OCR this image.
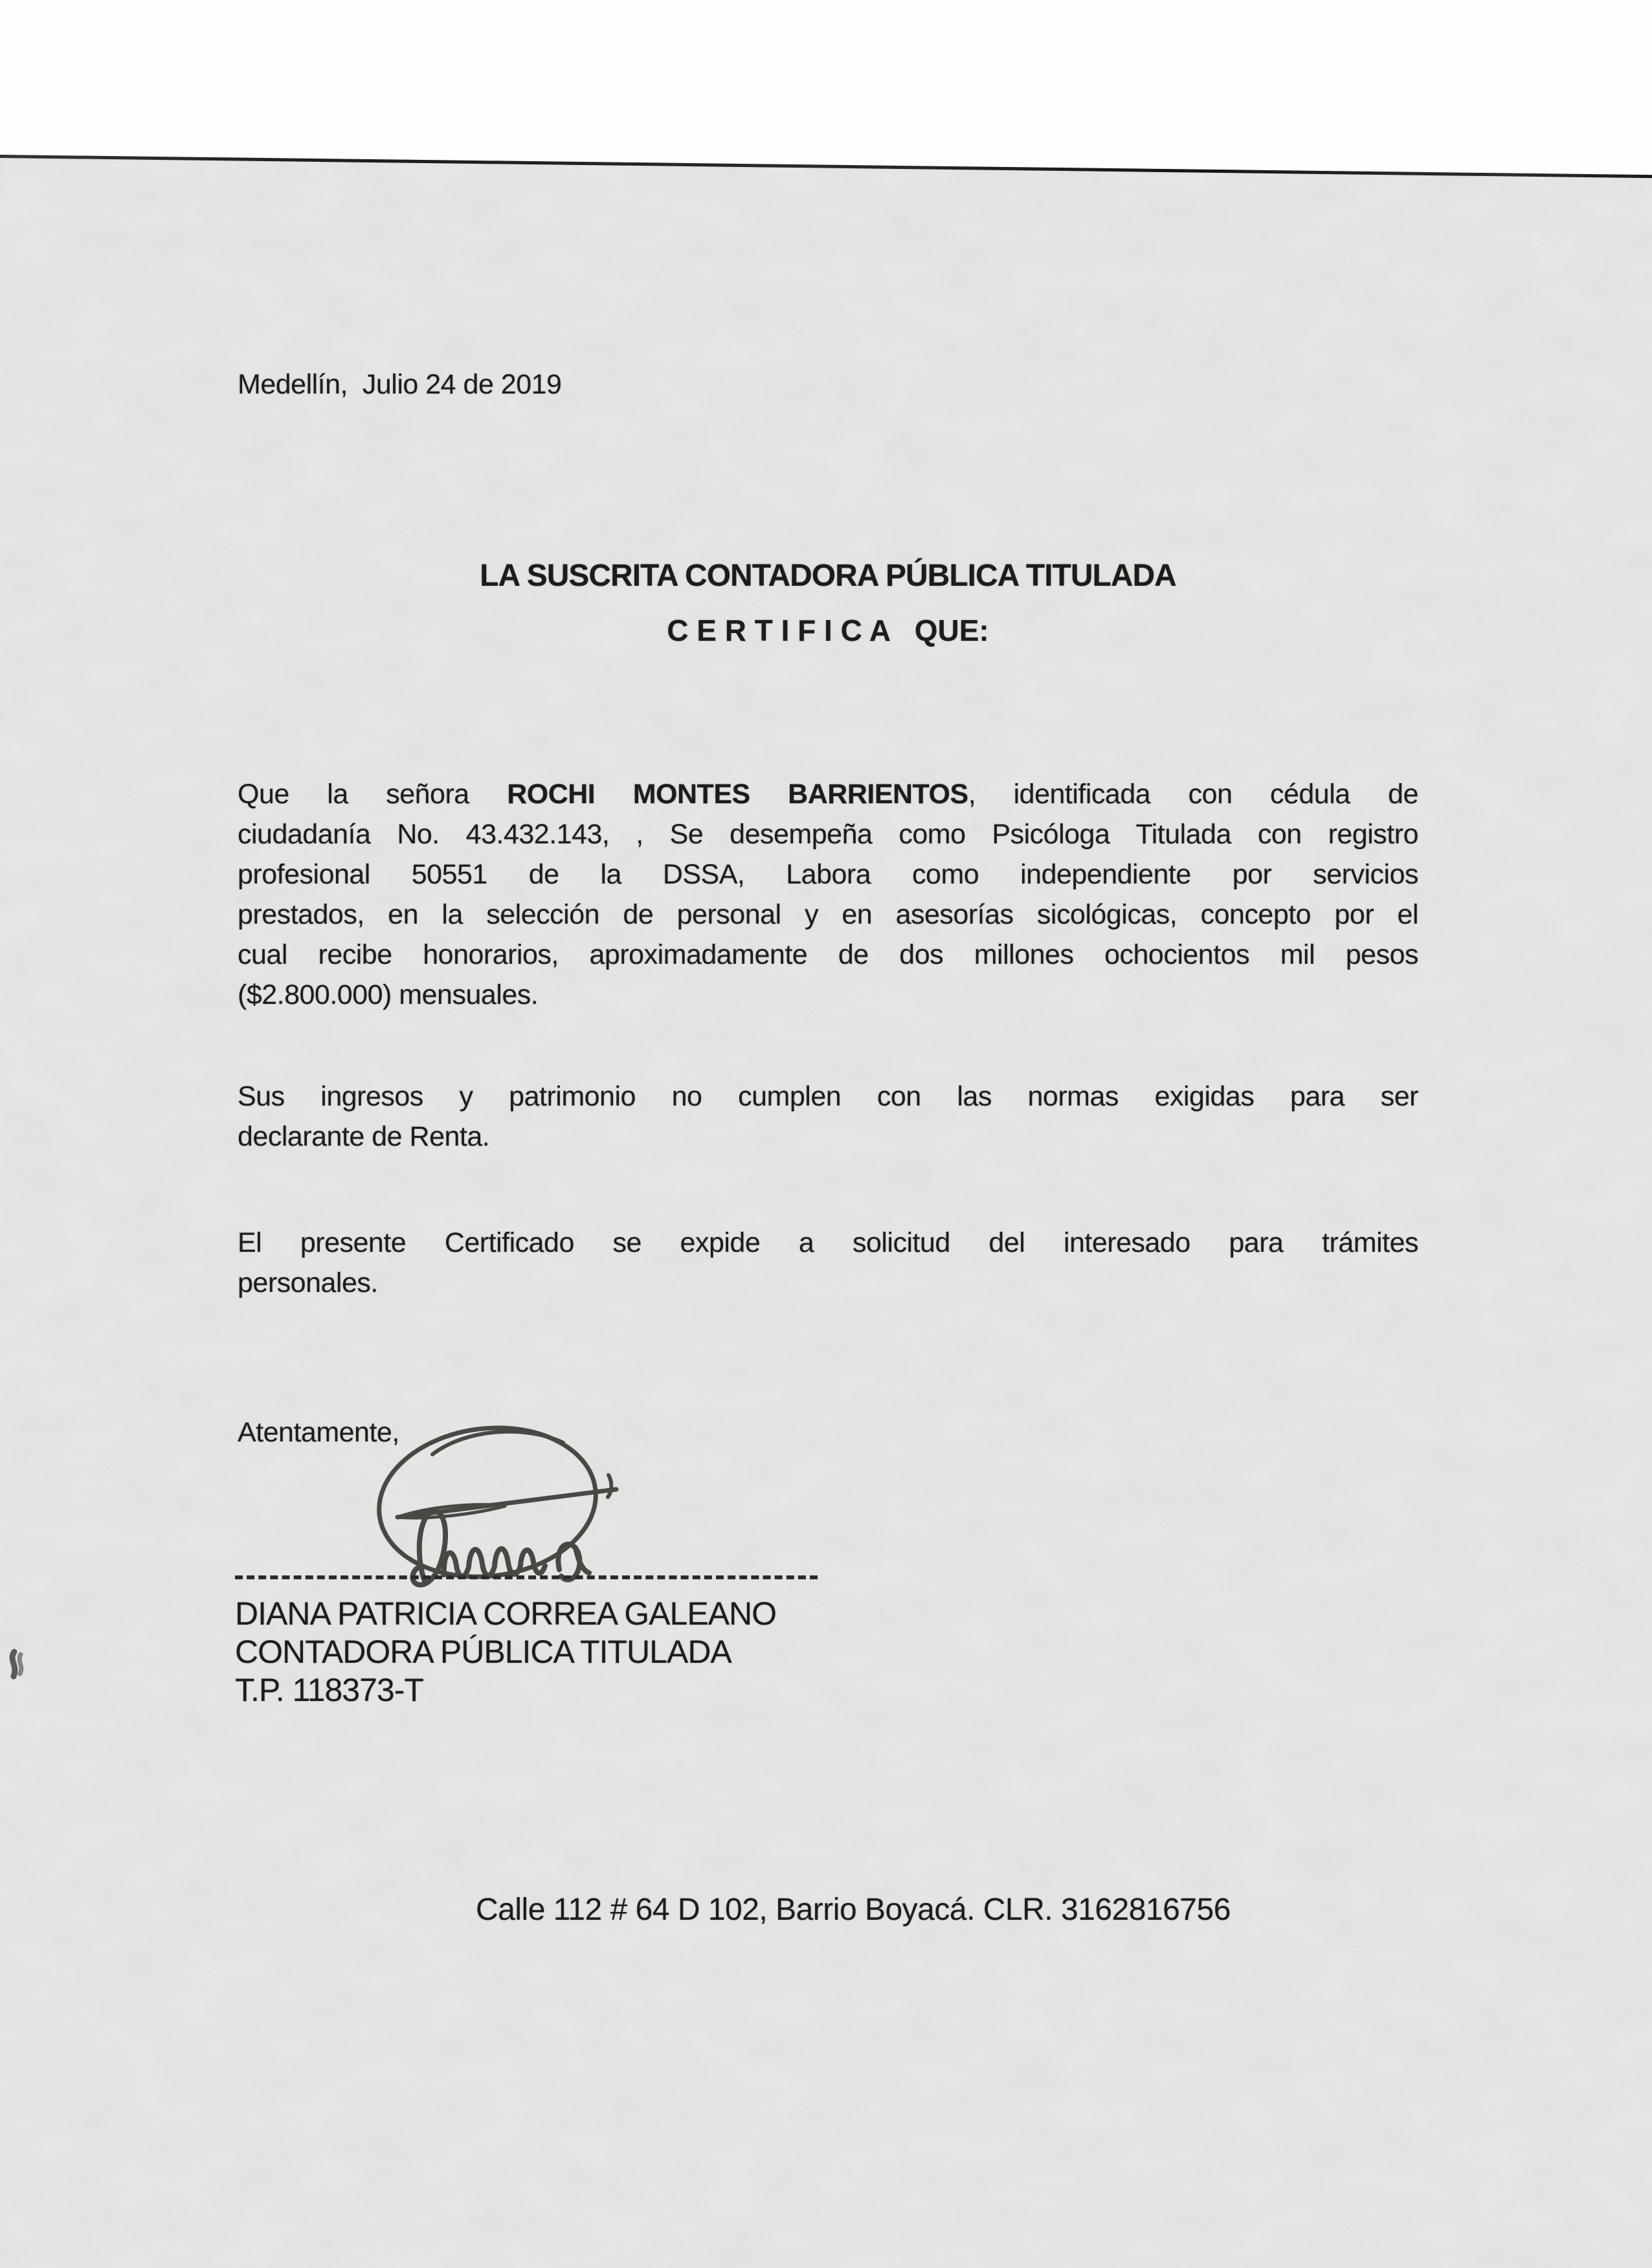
Medellín,  Julio 24 de 2019
LA SUSCRITA CONTADORA PÚBLICA TITULADA
C E R T I F I C A   QUE:
Que la señora ROCHI MONTES BARRIENTOS, identificada con cédula de
ciudadanía No. 43.432.143, , Se desempeña como Psicóloga Titulada con registro
profesional 50551 de la DSSA, Labora como independiente por servicios
prestados, en la selección de personal y en asesorías sicológicas, concepto por el
cual recibe honorarios, aproximadamente de dos millones ochocientos mil pesos
($2.800.000) mensuales.
Sus ingresos y patrimonio no cumplen con las normas exigidas para ser
declarante de Renta.
El presente Certificado se expide a solicitud del interesado para trámites
personales.
Atentamente,
DIANA PATRICIA CORREA GALEANO
CONTADORA PÚBLICA TITULADA
T.P. 118373-T
Calle 112 # 64 D 102, Barrio Boyacá. CLR. 3162816756
